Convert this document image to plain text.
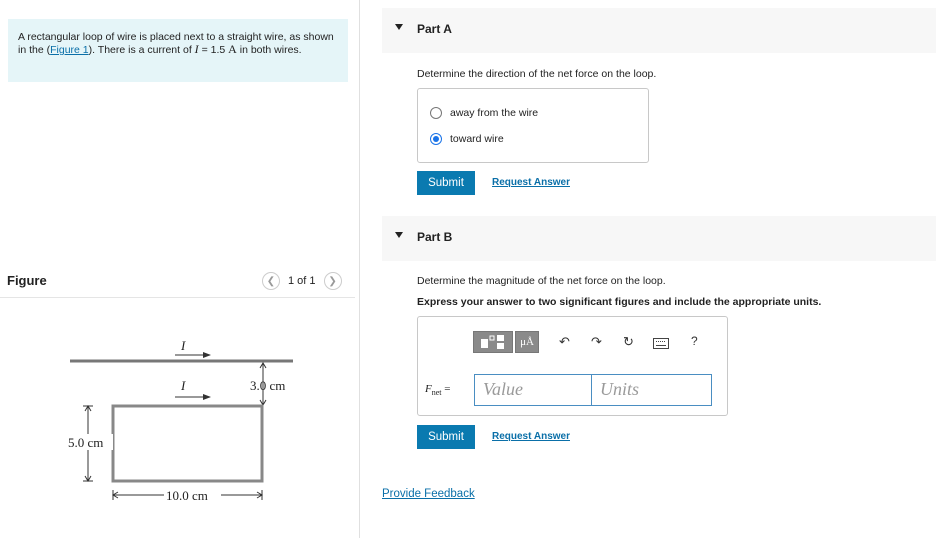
A rectangular loop of wire is placed next to a straight wire, as shown in the (Figure 1). There is a current of I = 1.5 A in both wires.
Figure	❮	1 of 1	❯
I
I	3.0 cm
5.0 cm
10.0 cm
Part A
Determine the direction of the net force on the loop.
away from the wire
toward wire
Submit	Request Answer
Part B
Determine the magnitude of the net force on the loop.
Express your answer to two significant figures and include the appropriate units.
μÅ	↶ ↷ ↻	?
$F_{net}$ =	Value	Units
Submit	Request Answer
Provide Feedback
